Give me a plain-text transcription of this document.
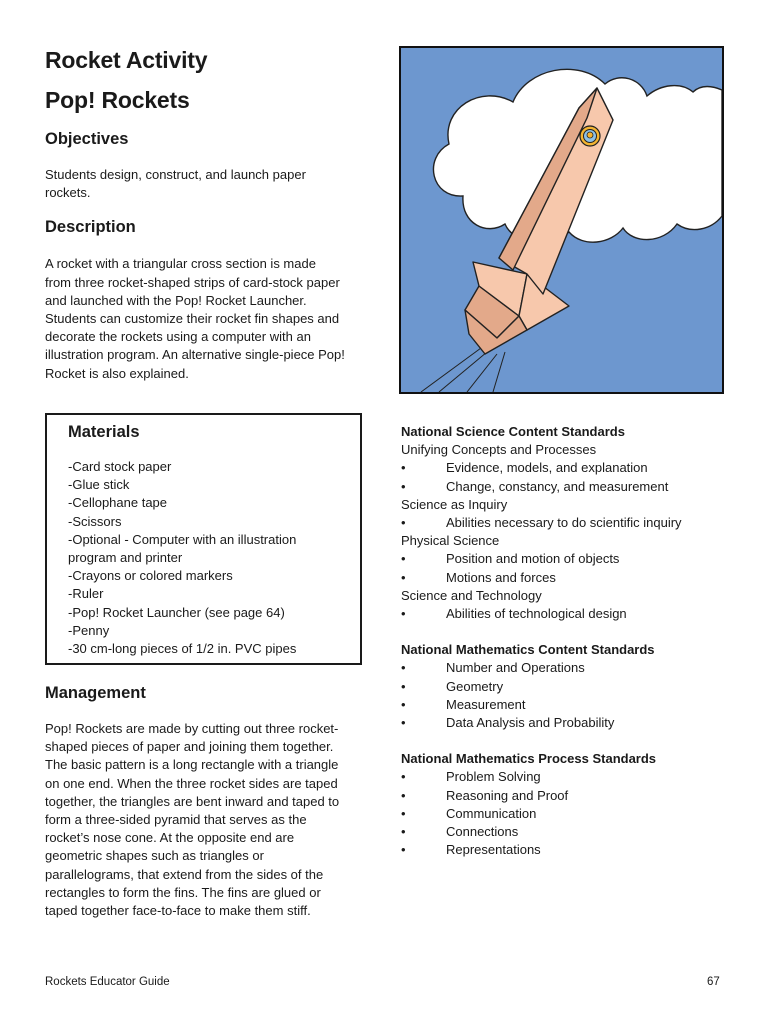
Rocket Activity
Pop! Rockets
Objectives

Students design, construct, and launch paper rockets.

Description

A rocket with a triangular cross section is made from three rocket-shaped strips of card-stock paper and launched with the Pop! Rocket Launcher. Students can customize their rocket fin shapes and decorate the rockets using a computer with an illustration program. An alternative single-piece Pop! Rocket is also explained.

Materials
-Card stock paper
-Glue stick
-Cellophane tape
-Scissors
-Optional - Computer with an illustration program and printer
-Crayons or colored markers
-Ruler
-Pop! Rocket Launcher (see page 64)
-Penny
-30 cm-long pieces of 1/2 in. PVC pipes
Management

Pop! Rockets are made by cutting out three rocket-shaped pieces of paper and joining them together. The basic pattern is a long rectangle with a triangle on one end. When the three rocket sides are taped together, the triangles are bent inward and taped to form a three-sided pyramid that serves as the rocket’s nose cone. At the opposite end are geometric shapes such as triangles or parallelograms, that extend from the sides of the rectangles to form the fins. The fins are glued or taped together face-to-face to make them stiff.

National Science Content Standards

Unifying Concepts and Processes

•	Evidence, models, and explanation

•	Change, constancy, and measurement

Science as Inquiry

•	Abilities necessary to do scientific inquiry

Physical Science

•	Position and motion of objects

•	Motions and forces

Science and Technology

•	Abilities of technological design

National Mathematics Content Standards

•	Number and Operations

•	Geometry

•	Measurement

•	Data Analysis and Probability

National Mathematics Process Standards

•	Problem Solving

•	Reasoning and Proof

•	Communication

•	Connections

•	Representations

Rockets Educator Guide	67
